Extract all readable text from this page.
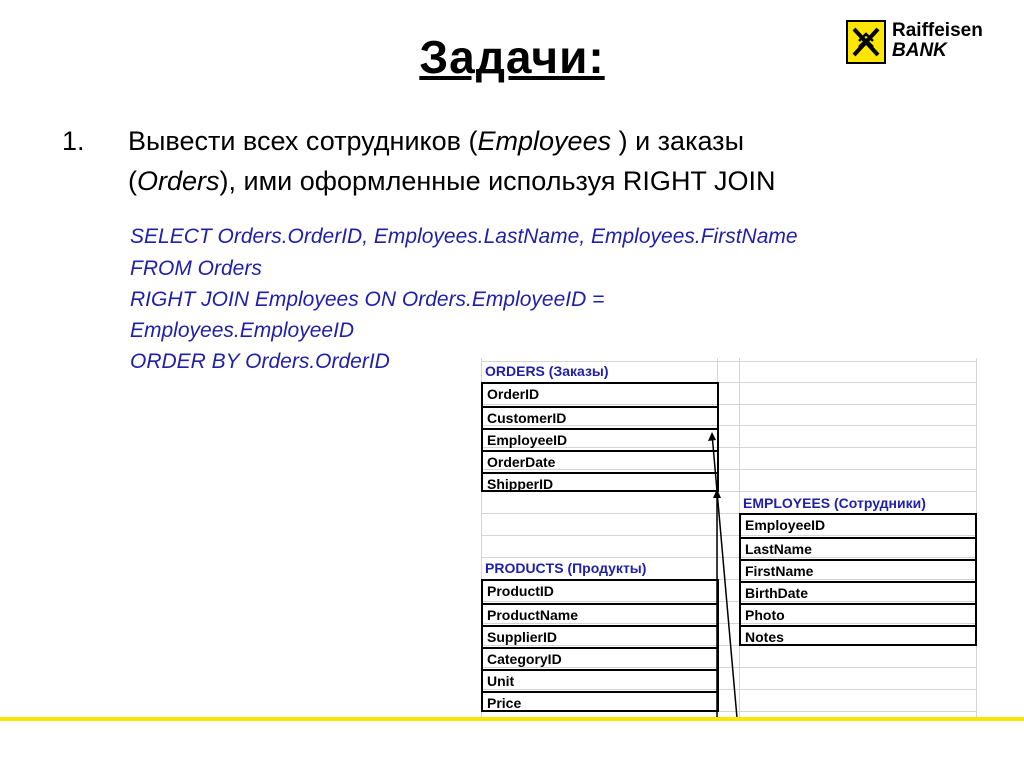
Задачи:
Raiffeisen
BANK
1. Вывести всех сотрудников (Employees ) и заказы
(Orders), ими оформленные используя RIGHT JOIN
SELECT Orders.OrderID, Employees.LastName, Employees.FirstName
FROM Orders
RIGHT JOIN Employees ON Orders.EmployeeID =
Employees.EmployeeID
ORDER BY Orders.OrderID	ORDERS (Заказы)
OrderID
CustomerID
EmployeeID
OrderDate
ShipperID
EMPLOYEES (Сотрудники)
EmployeeID
LastName
FirstName
BirthDate
Photo
Notes
PRODUCTS (Продукты)
ProductID
ProductName
SupplierID
CategoryID
Unit
Price
